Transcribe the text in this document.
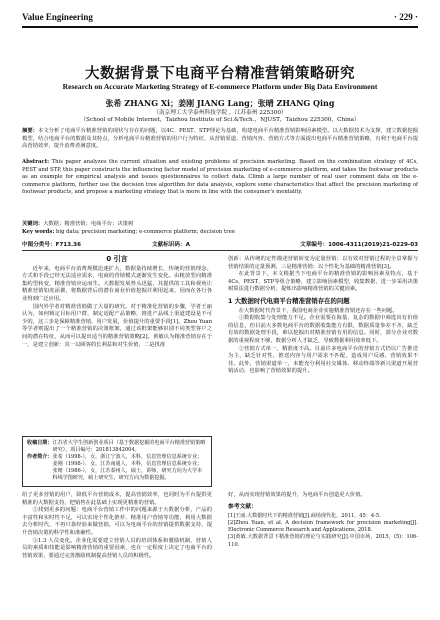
Value Engineering	· 229 ·
大数据背景下电商平台精准营销策略研究
Research on Accurate Marketing Strategy of E-commerce Platform under Big Data Environment
张希 ZHANG Xi；姜刚 JIANG Lang；张晴 ZHANG Qing
（南京理工大学泰州科技学院 ，江苏泰州 225300）
（School of Mobile Internet，Taizhou Institute of Sci.&Tech.，NJUST，Taizhou 225300，China）
摘要：本文分析了电商平台精准营销的现状与存在的问题，以4C、PEST、STP理论为基础，构建电商平台精准营销影响因素模型。以大数据技术为支撑，建立数据挖掘模型，结合电商平台的数据及其特点，分析电商平台精准营销的用户行为特征，从营销渠道、营销内容、营销方式等方面提出电商平台精准营销策略，有利于电商平台提高营销效率，提升消费者满意度。
Abstract: This paper analyzes the current situation and existing problems of precision marketing. Based on the combination strategy of 4Cs, PEST and STP, this paper constructs the influencing factor model of precision marketing of e-commerce platform, and takes the footwear products as an example for empirical analysis and issues questionnaires to collect data. Climb a large number of real user comment data on the e-commerce platform, further use the decision tree algorithm for data analysis, explore some characteristics that affect the precision marketing of footwear products, and propose a marketing strategy that is more in line with the consumer's mentality.
关键词：大数据；精准营销；电商平台；决策树
Key words: big data; precision marketing; e-commerce platform; decision tree
中图分类号：F713.36	文献标识码：A	文章编号：1006-4311(2019)21-0229-03
0 引言

近年来，电商平台消费规模迅速扩大，数据量持续增长，传统的营销理念、方式和手段已经无法适应需求，电商的营销模式逐渐发生变化。由粗放型向精准集约型转变，精准营销应运而生。大数据发展势头迅猛，其提供的工具和视角让精准营销如虎添翼，将数据背后的潜在商业价值挖掘并利用起来，因而在各行各业得到广泛应用。

国内外学者对精准营销做了大量的研究。对于精准化营销的步骤，学者王丽认为，如何锁定目标用户群，制定适配产品策略，推进产品线上渠道建设是不可少的，这三步是保障精准营销，用户发展，价值提升的重要手段[1]。Zhou Yuan等学者则提出了一个精准营销的决策框架，通过该框架能够识别不同类型客户之间的潜在特征，从而可以提出适当的精准营销策略[2]。黄敏认为精准营销存在于一，是建立创新：其一以顾客的长利益和对生价值，二是找准

收稿日期： 江苏省大学生创新创业项目（基于数据挖掘的电商平台精准营销策略研究），项目编号：201813842004。
作者简介： 张希（1998-），女，浙江宁波人，本科，信息管理信息系统专业；姜刚（1998-），女，江苏南通人，本科，信息管理信息系统专业；张晴（1986-），女，江苏泰州人，硕士，讲师，研究方向为大学本科线学图研究，硕士研究生，研究方向为数据挖掘。

给了更多营销的用户，降低平台营销成本，提高营销效率，也同时为平台提供更精准的大数据支持，把销售在此基础上实现更精准的营销。

②找到更多的问题：电商平台营销工作中的问题来源于大数据分析、产品的丰富性和实时性不足，可以实现个性化推荐、精准用户营销等功能，利用大数据去分析时代，不再只靠经验来做营销，可以为电商平台的营销提供数据支持，提升营销决策的科学性和准确性。

③1.3 人员变化。企业化需要建立营销人员的培训体系和激励机制，营销人员的素质和技能是影响精准营销的重要因素，也在一定程度上决定了电商平台的营销效果，要通过完善激励机制提高营销人员的积极性。

创新：从传统的定性描述营销转变为定量营销；以有效对营销过程的全景掌握与营销结果的定量预测，三是精准营销：以个性化为基础的精准营销[3]。

在此背景下，本文根据当下电商平台的精准营销的影响因素及特点，基于4Cs、PEST、STP等组合策略，建立影响因素模型，收集数据，进一步采用决策树算法进行数据分析，提炼出影响精准营销的关键因素。

1 大数据时代电商平台精准营销存在的问题

在大数据时代背景下，我国电商企业实施精准营销还存在一些问题。

①数据收集与处理能力不足。企业需要在海量、复杂的数据中筛选出有价值的信息，但目前大多数电商平台的数据收集能力有限，数据质量参差不齐，缺乏有效的数据处理手段，难以挖掘出对精准营销有用的信息。同时，部分企业对数据的重视程度不够，数据分析人才缺乏，导致数据利用效率低下。

②营销方式单一，精准度不高。目前许多电商平台的营销方式仍以广告推送为主，缺乏针对性，推送内容与用户需求不匹配，造成用户反感，营销效果不佳。此外，营销渠道单一，未能充分利用社交媒体、移动终端等新兴渠道开展营销活动，也影响了营销效果的提升。

好，从而实现营销效果的提升，为电商平台创造更大价值。

参考文献：

[1]王丽.大数据时代下的精准营销[J].商场现代化，2011，45：4-5.

[2]Zhou Yuan, et al. A decision framework for precision marketing[J]. Electronic Commerce Research and Applications, 2018.

[3]黄敏.大数据背景下精准营销的理论与实践研究[J].中国市场，2015，(5)：106-110.
